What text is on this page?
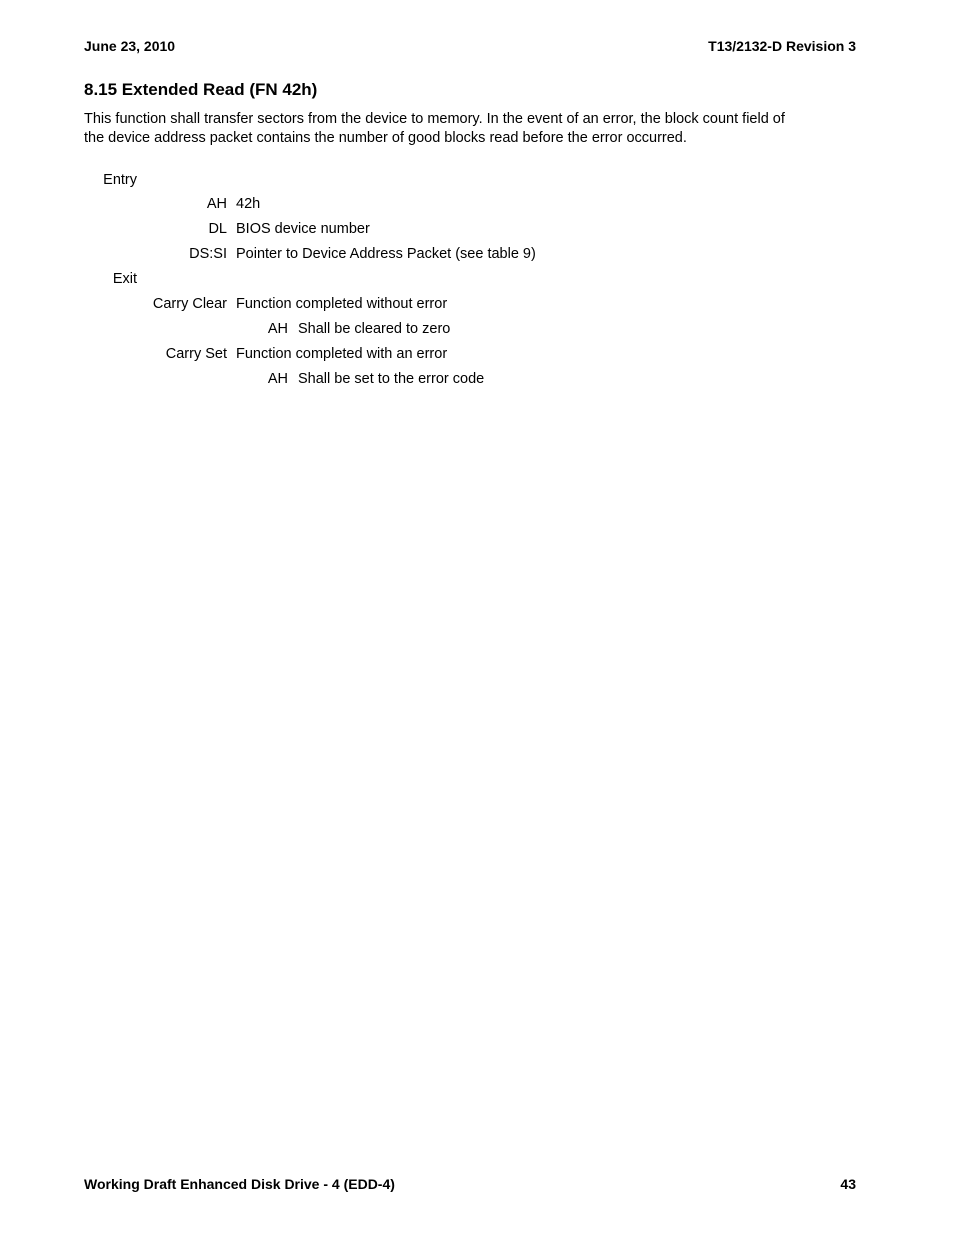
June 23, 2010	T13/2132-D Revision 3
8.15 Extended Read (FN 42h)

This function shall transfer sectors from the device to memory. In the event of an error, the block count field of

the device address packet contains the number of good blocks read before the error occurred.

Entry
AH 42h
DL BIOS device number
DS:SI Pointer to Device Address Packet (see table 9)
Exit
Carry Clear Function completed without error
AH Shall be cleared to zero
Carry Set Function completed with an error
AH Shall be set to the error code
Working Draft Enhanced Disk Drive - 4 (EDD-4)	43
